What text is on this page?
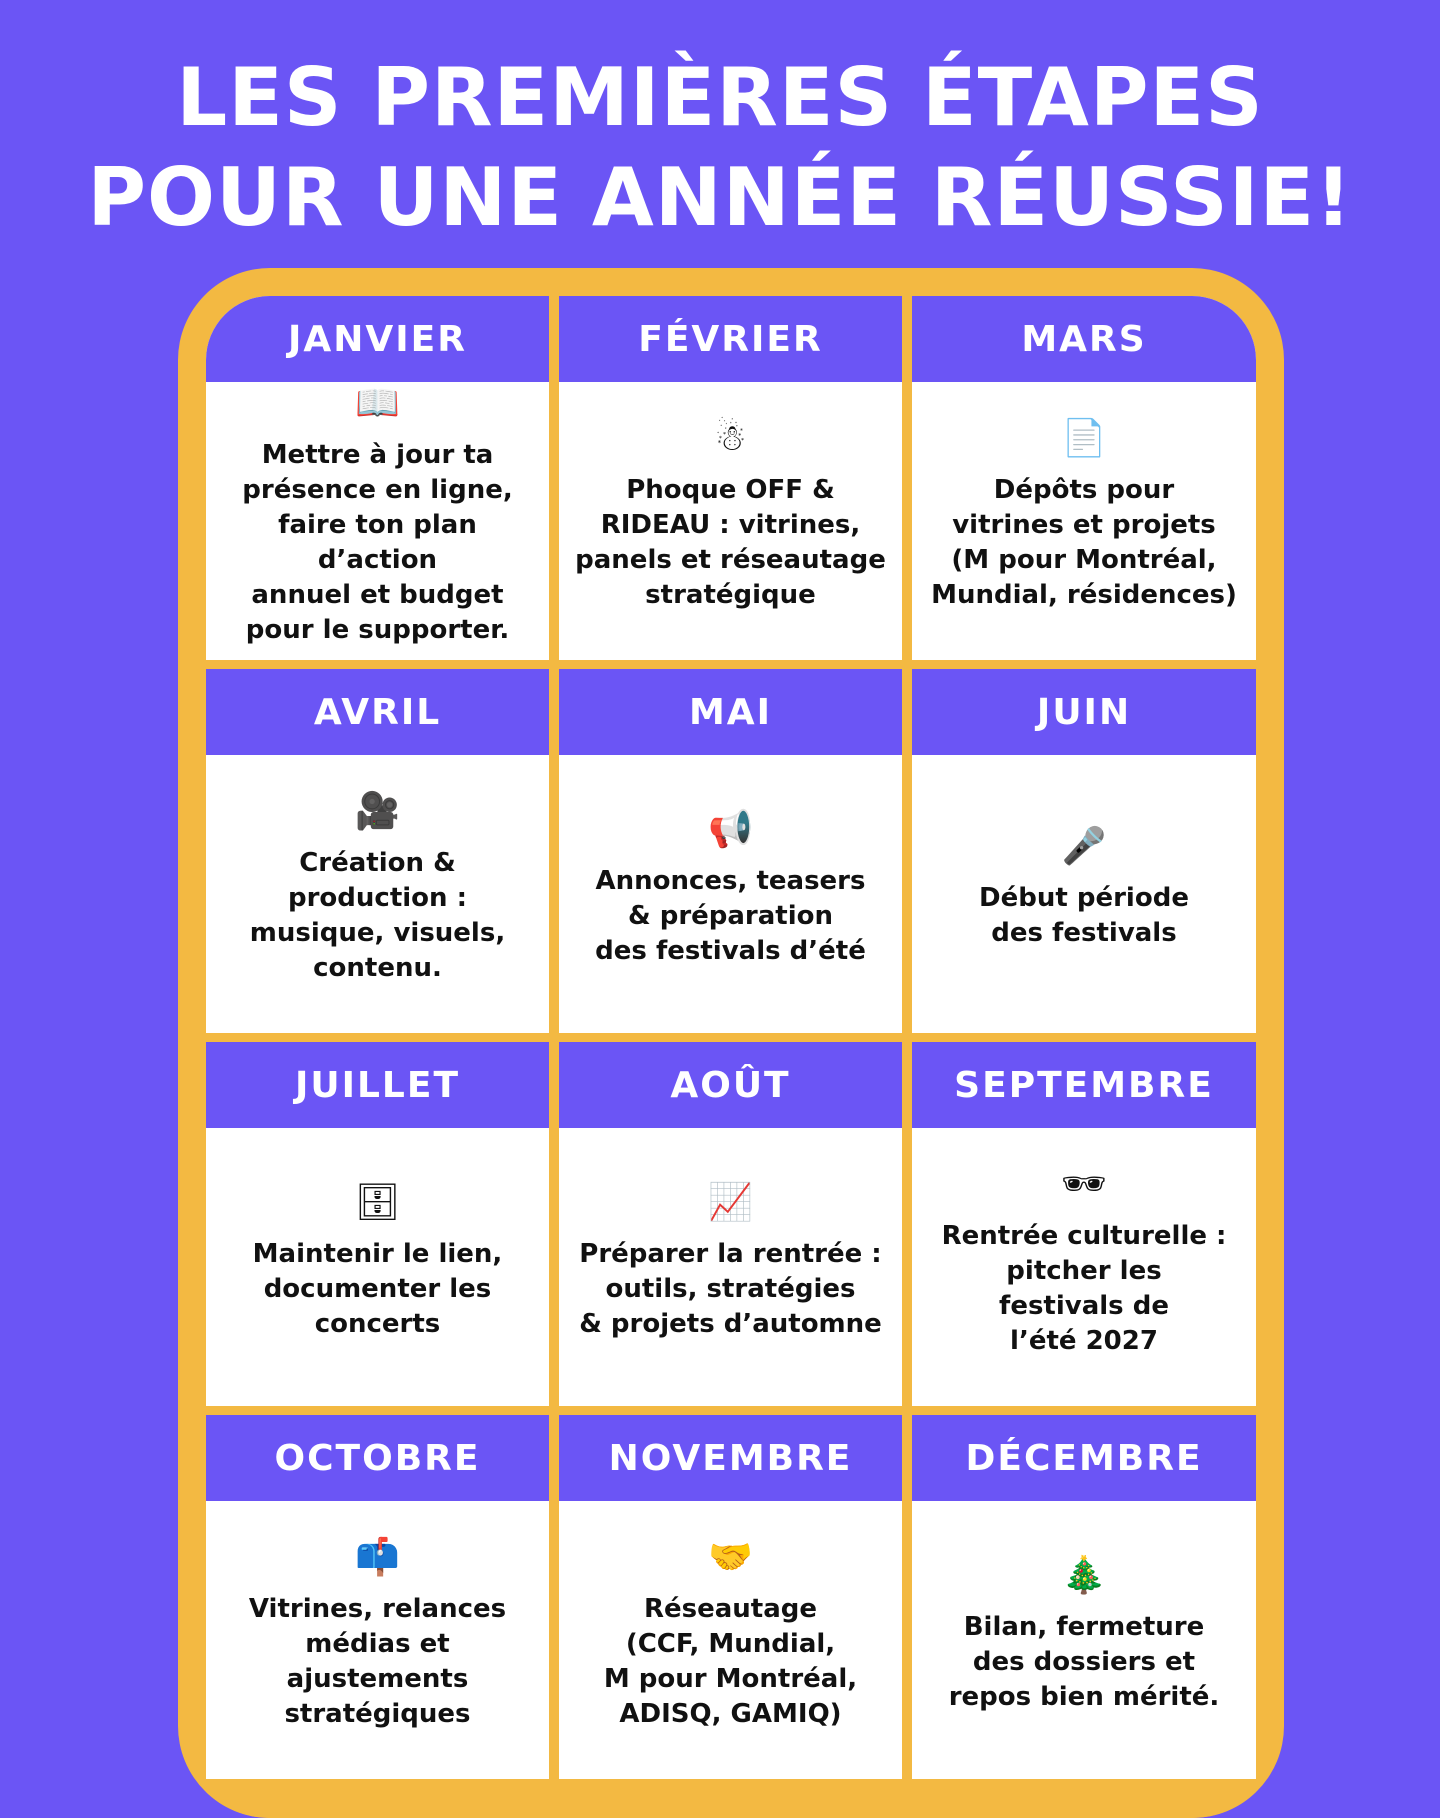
LES PREMIÈRES ÉTAPES
POUR UNE ANNÉE RÉUSSIE!
JANVIER
📖
Mettre à jour ta
présence en ligne,
faire ton plan d’action
annuel et budget
pour le supporter.
FÉVRIER
☃
Phoque OFF &
RIDEAU : vitrines,
panels et réseautage
stratégique
MARS
📄
Dépôts pour
vitrines et projets
(M pour Montréal,
Mundial, résidences)
AVRIL
🎥
Création &
production :
musique, visuels,
contenu.
MAI
📢
Annonces, teasers
& préparation
des festivals d’été
JUIN
🎤
Début période
des festivals
JUILLET
🗄
Maintenir le lien,
documenter les
concerts
AOÛT
📈
Préparer la rentrée :
outils, stratégies
& projets d’automne
SEPTEMBRE
🕶
Rentrée culturelle :
pitcher les
festivals de
l’été 2027
OCTOBRE
📫
Vitrines, relances
médias et
ajustements
stratégiques
NOVEMBRE
🤝
Réseautage
(CCF, Mundial,
M pour Montréal,
ADISQ, GAMIQ)
DÉCEMBRE
🎄
Bilan, fermeture
des dossiers et
repos bien mérité.
